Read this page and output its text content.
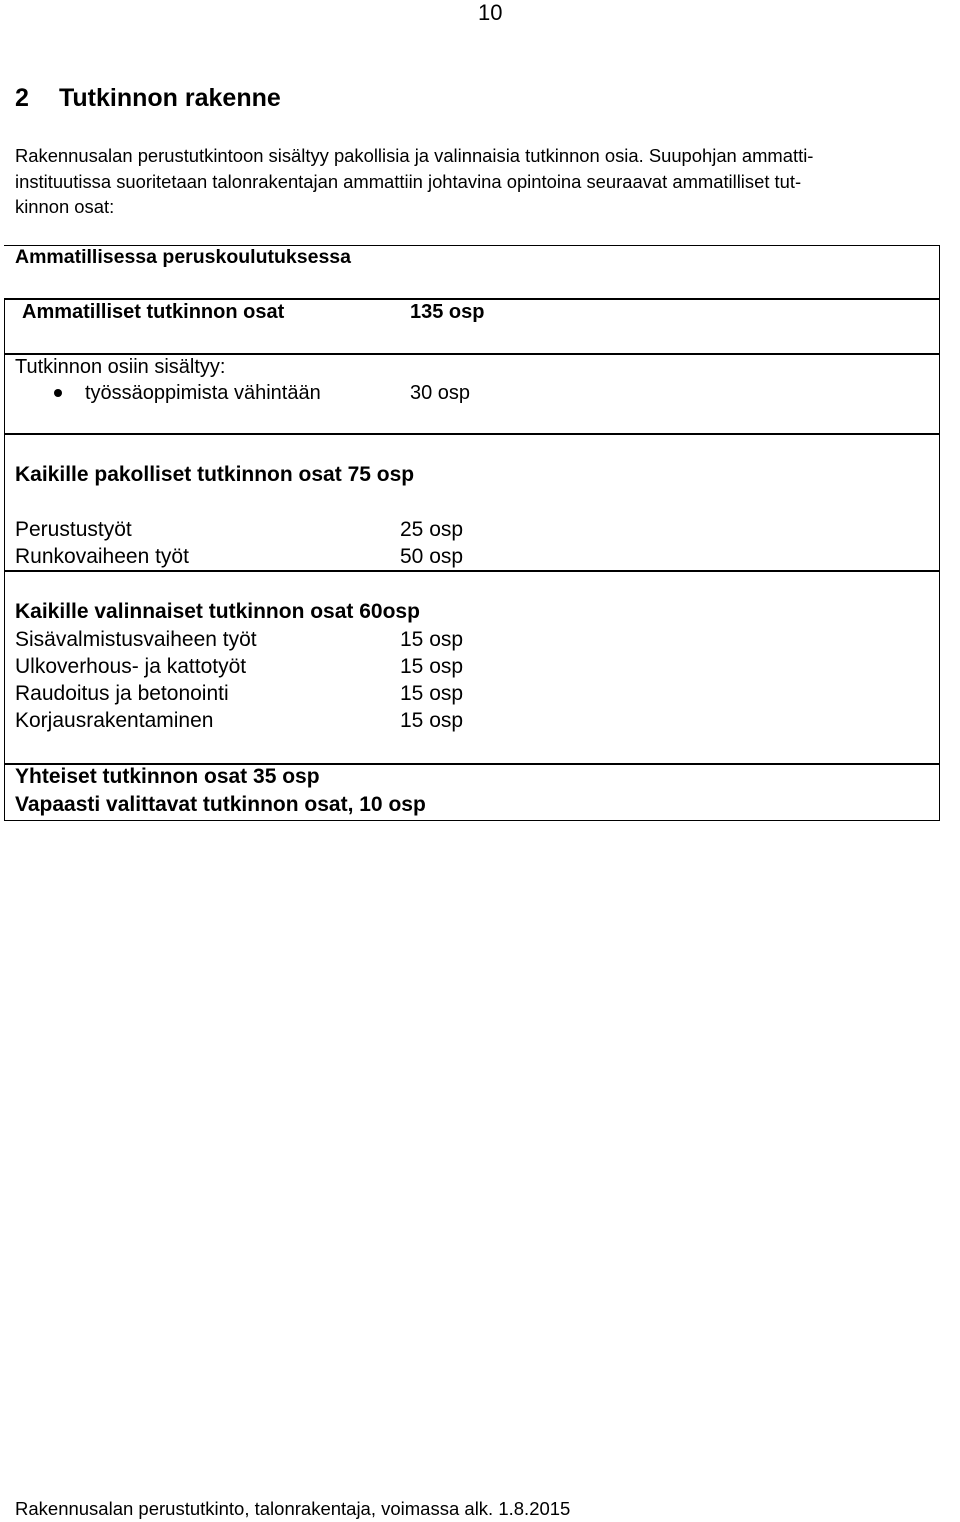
10
2 Tutkinnon rakenne

Rakennusalan perustutkintoon sisältyy pakollisia ja valinnaisia tutkinnon osia. Suupohjan ammatti-
instituutissa suoritetaan talonrakentajan ammattiin johtavina opintoina seuraavat ammatilliset tut-
kinnon osat:

Ammatillisessa peruskoulutuksessa
Ammatilliset tutkinnon osat	135 osp
Tutkinnon osiin sisältyy:
työssäoppimista vähintään	30 osp
Kaikille pakolliset tutkinnon osat 75 osp
Perustustyöt	25 osp
Runkovaiheen työt	50 osp
Kaikille valinnaiset tutkinnon osat 60osp
Sisävalmistusvaiheen työt	15 osp
Ulkoverhous- ja kattotyöt	15 osp
Raudoitus ja betonointi	15 osp
Korjausrakentaminen	15 osp
Yhteiset tutkinnon osat 35 osp
Vapaasti valittavat tutkinnon osat, 10 osp
Rakennusalan perustutkinto, talonrakentaja, voimassa alk. 1.8.2015
